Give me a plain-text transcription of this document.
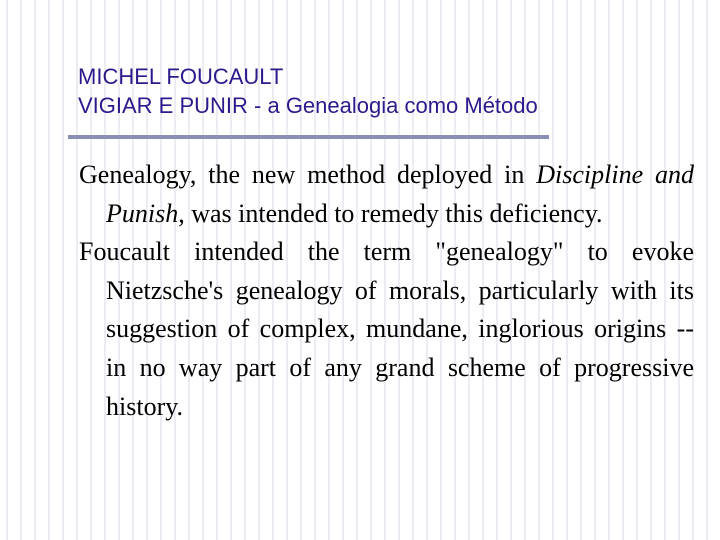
MICHEL FOUCAULT
VIGIAR E PUNIR - a Genealogia como Método

Genealogy, the new method deployed in Discipline and Punish, was intended to remedy this deficiency.

Foucault intended the term "genealogy" to evoke Nietzsche's genealogy of morals, particularly with its suggestion of complex, mundane, inglorious origins -- in no way part of any grand scheme of progressive history.
